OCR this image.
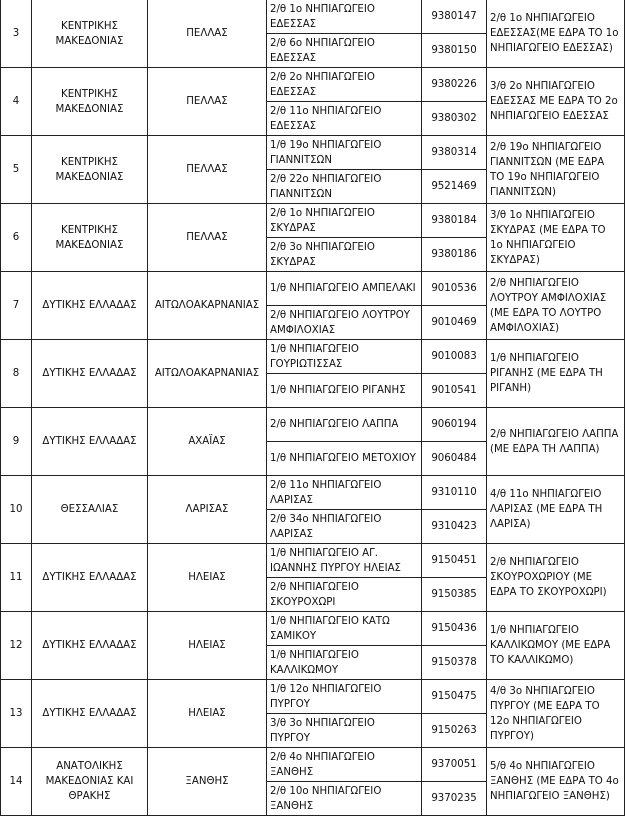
3	ΚΕΝΤΡΙΚΗΣ ΜΑΚΕΔΟΝΙΑΣ	ΠΕΛΛΑΣ	2/θ 1ο ΝΗΠΙΑΓΩΓΕΙΟ ΕΔΕΣΣΑΣ	9380147	2/θ 1ο ΝΗΠΙΑΓΩΓΕΙΟ ΕΔΕΣΣΑΣ(ΜΕ ΕΔΡΑ ΤΟ 1ο ΝΗΠΙΑΓΩΓΕΙΟ ΕΔΕΣΣΑΣ)
			2/θ 6ο ΝΗΠΙΑΓΩΓΕΙΟ ΕΔΕΣΣΑΣ	9380150	
4	ΚΕΝΤΡΙΚΗΣ ΜΑΚΕΔΟΝΙΑΣ	ΠΕΛΛΑΣ	2/θ 2ο ΝΗΠΙΑΓΩΓΕΙΟ ΕΔΕΣΣΑΣ	9380226	3/θ 2ο ΝΗΠΙΑΓΩΓΕΙΟ ΕΔΕΣΣΑΣ ΜΕ ΕΔΡΑ ΤΟ 2ο ΝΗΠΙΑΓΩΓΕΙΟ ΕΔΕΣΣΑΣ
			2/θ 11ο ΝΗΠΙΑΓΩΓΕΙΟ ΕΔΕΣΣΑΣ	9380302	
5	ΚΕΝΤΡΙΚΗΣ ΜΑΚΕΔΟΝΙΑΣ	ΠΕΛΛΑΣ	1/θ 19ο ΝΗΠΙΑΓΩΓΕΙΟ ΓΙΑΝΝΙΤΣΩΝ	9380314	2/θ 19ο ΝΗΠΙΑΓΩΓΕΙΟ ΓΙΑΝΝΙΤΣΩΝ (ΜΕ ΕΔΡΑ ΤΟ 19ο ΝΗΠΙΑΓΩΓΕΙΟ ΓΙΑΝΝΙΤΣΩΝ)
			2/θ 22ο ΝΗΠΙΑΓΩΓΕΙΟ ΓΙΑΝΝΙΤΣΩΝ	9521469	
6	ΚΕΝΤΡΙΚΗΣ ΜΑΚΕΔΟΝΙΑΣ	ΠΕΛΛΑΣ	2/θ 1ο ΝΗΠΙΑΓΩΓΕΙΟ ΣΚΥΔΡΑΣ	9380184	3/θ 1ο ΝΗΠΙΑΓΩΓΕΙΟ ΣΚΥΔΡΑΣ (ΜΕ ΕΔΡΑ ΤΟ 1ο ΝΗΠΙΑΓΩΓΕΙΟ ΣΚΥΔΡΑΣ)
			2/θ 3ο ΝΗΠΙΑΓΩΓΕΙΟ ΣΚΥΔΡΑΣ	9380186	
7	ΔΥΤΙΚΗΣ ΕΛΛΑΔΑΣ	ΑΙΤΩΛΟΑΚΑΡΝΑΝΙΑΣ	1/θ ΝΗΠΙΑΓΩΓΕΙΟ ΑΜΠΕΛΑΚΙ	9010536	2/θ ΝΗΠΙΑΓΩΓΕΙΟ ΛΟΥΤΡΟΥ ΑΜΦΙΛΟΧΙΑΣ (ΜΕ ΕΔΡΑ ΤΟ ΛΟΥΤΡΟ ΑΜΦΙΛΟΧΙΑΣ)
			2/θ ΝΗΠΙΑΓΩΓΕΙΟ ΛΟΥΤΡΟΥ ΑΜΦΙΛΟΧΙΑΣ	9010469	
8	ΔΥΤΙΚΗΣ ΕΛΛΑΔΑΣ	ΑΙΤΩΛΟΑΚΑΡΝΑΝΙΑΣ	1/θ ΝΗΠΙΑΓΩΓΕΙΟ ΓΟΥΡΙΩΤΙΣΣΑΣ	9010083	1/θ ΝΗΠΙΑΓΩΓΕΙΟ ΡΙΓΑΝΗΣ (ΜΕ ΕΔΡΑ ΤΗ ΡΙΓΑΝΗ)
			1/θ ΝΗΠΙΑΓΩΓΕΙΟ ΡΙΓΑΝΗΣ	9010541	
9	ΔΥΤΙΚΗΣ ΕΛΛΑΔΑΣ	ΑΧΑΪΑΣ	2/θ ΝΗΠΙΑΓΩΓΕΙΟ ΛΑΠΠΑ	9060194	2/θ ΝΗΠΙΑΓΩΓΕΙΟ ΛΑΠΠΑ (ΜΕ ΕΔΡΑ ΤΗ ΛΑΠΠΑ)
			1/θ ΝΗΠΙΑΓΩΓΕΙΟ ΜΕΤΟΧΙΟΥ	9060484	
10	ΘΕΣΣΑΛΙΑΣ	ΛΑΡΙΣΑΣ	2/θ 11ο ΝΗΠΙΑΓΩΓΕΙΟ ΛΑΡΙΣΑΣ	9310110	4/θ 11ο ΝΗΠΙΑΓΩΓΕΙΟ ΛΑΡΙΣΑΣ (ΜΕ ΕΔΡΑ ΤΗ ΛΑΡΙΣΑ)
			2/θ 34ο ΝΗΠΙΑΓΩΓΕΙΟ ΛΑΡΙΣΑΣ	9310423	
11	ΔΥΤΙΚΗΣ ΕΛΛΑΔΑΣ	ΗΛΕΙΑΣ	1/θ ΝΗΠΙΑΓΩΓΕΙΟ ΑΓ. ΙΩΑΝΝΗΣ ΠΥΡΓΟΥ ΗΛΕΙΑΣ	9150451	2/θ ΝΗΠΙΑΓΩΓΕΙΟ ΣΚΟΥΡΟΧΩΡΙΟΥ (ΜΕ ΕΔΡΑ ΤΟ ΣΚΟΥΡΟΧΩΡΙ)
			2/θ ΝΗΠΙΑΓΩΓΕΙΟ ΣΚΟΥΡΟΧΩΡΙ	9150385	
12	ΔΥΤΙΚΗΣ ΕΛΛΑΔΑΣ	ΗΛΕΙΑΣ	1/θ ΝΗΠΙΑΓΩΓΕΙΟ ΚΑΤΩ ΣΑΜΙΚΟΥ	9150436	1/θ ΝΗΠΙΑΓΩΓΕΙΟ ΚΑΛΛΙΚΩΜΟΥ (ΜΕ ΕΔΡΑ ΤΟ ΚΑΛΛΙΚΩΜΟ)
			1/θ ΝΗΠΙΑΓΩΓΕΙΟ ΚΑΛΛΙΚΩΜΟΥ	9150378	
13	ΔΥΤΙΚΗΣ ΕΛΛΑΔΑΣ	ΗΛΕΙΑΣ	1/θ 12ο ΝΗΠΙΑΓΩΓΕΙΟ ΠΥΡΓΟΥ	9150475	4/θ 3ο ΝΗΠΙΑΓΩΓΕΙΟ ΠΥΡΓΟΥ (ΜΕ ΕΔΡΑ ΤΟ 12ο ΝΗΠΙΑΓΩΓΕΙΟ ΠΥΡΓΟΥ)
			3/θ 3ο ΝΗΠΙΑΓΩΓΕΙΟ ΠΥΡΓΟΥ	9150263	
14	ΑΝΑΤΟΛΙΚΗΣ ΜΑΚΕΔΟΝΙΑΣ ΚΑΙ ΘΡΑΚΗΣ	ΞΑΝΘΗΣ	2/θ 4ο ΝΗΠΙΑΓΩΓΕΙΟ ΞΑΝΘΗΣ	9370051	5/θ 4ο ΝΗΠΙΑΓΩΓΕΙΟ ΞΑΝΘΗΣ (ΜΕ ΕΔΡΑ ΤΟ 4ο ΝΗΠΙΑΓΩΓΕΙΟ ΞΑΝΘΗΣ)
			2/θ 10ο ΝΗΠΙΑΓΩΓΕΙΟ ΞΑΝΘΗΣ	9370235	
